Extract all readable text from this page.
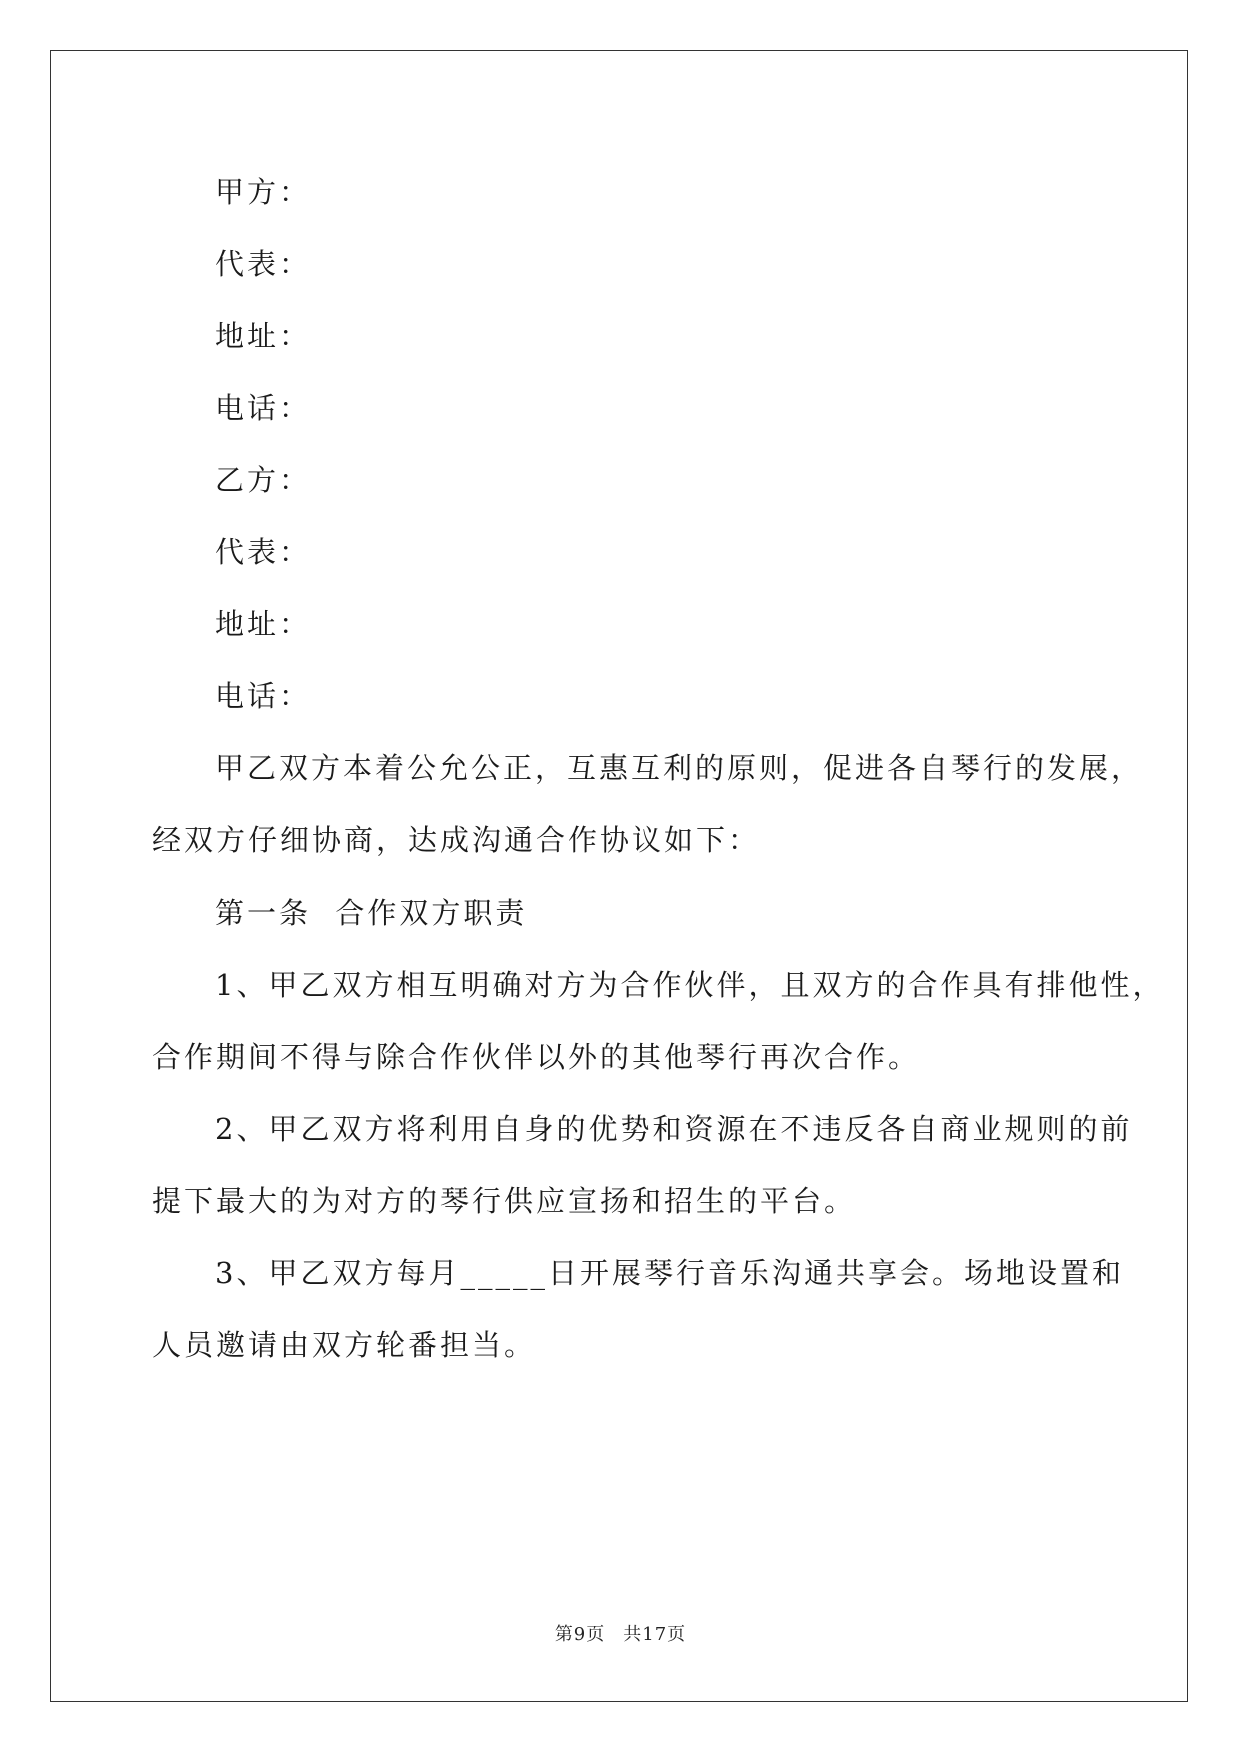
甲方：
代表：
地址：
电话：
乙方：
代表：
地址：
电话：
甲乙双方本着公允公正，互惠互利的原则，促进各自琴行的发展，
经双方仔细协商，达成沟通合作协议如下：
第一条  合作双方职责
1、甲乙双方相互明确对方为合作伙伴，且双方的合作具有排他性，
合作期间不得与除合作伙伴以外的其他琴行再次合作。
2、甲乙双方将利用自身的优势和资源在不违反各自商业规则的前
提下最大的为对方的琴行供应宣扬和招生的平台。
3、甲乙双方每月_____日开展琴行音乐沟通共享会。场地设置和
人员邀请由双方轮番担当。
第9页 共17页
